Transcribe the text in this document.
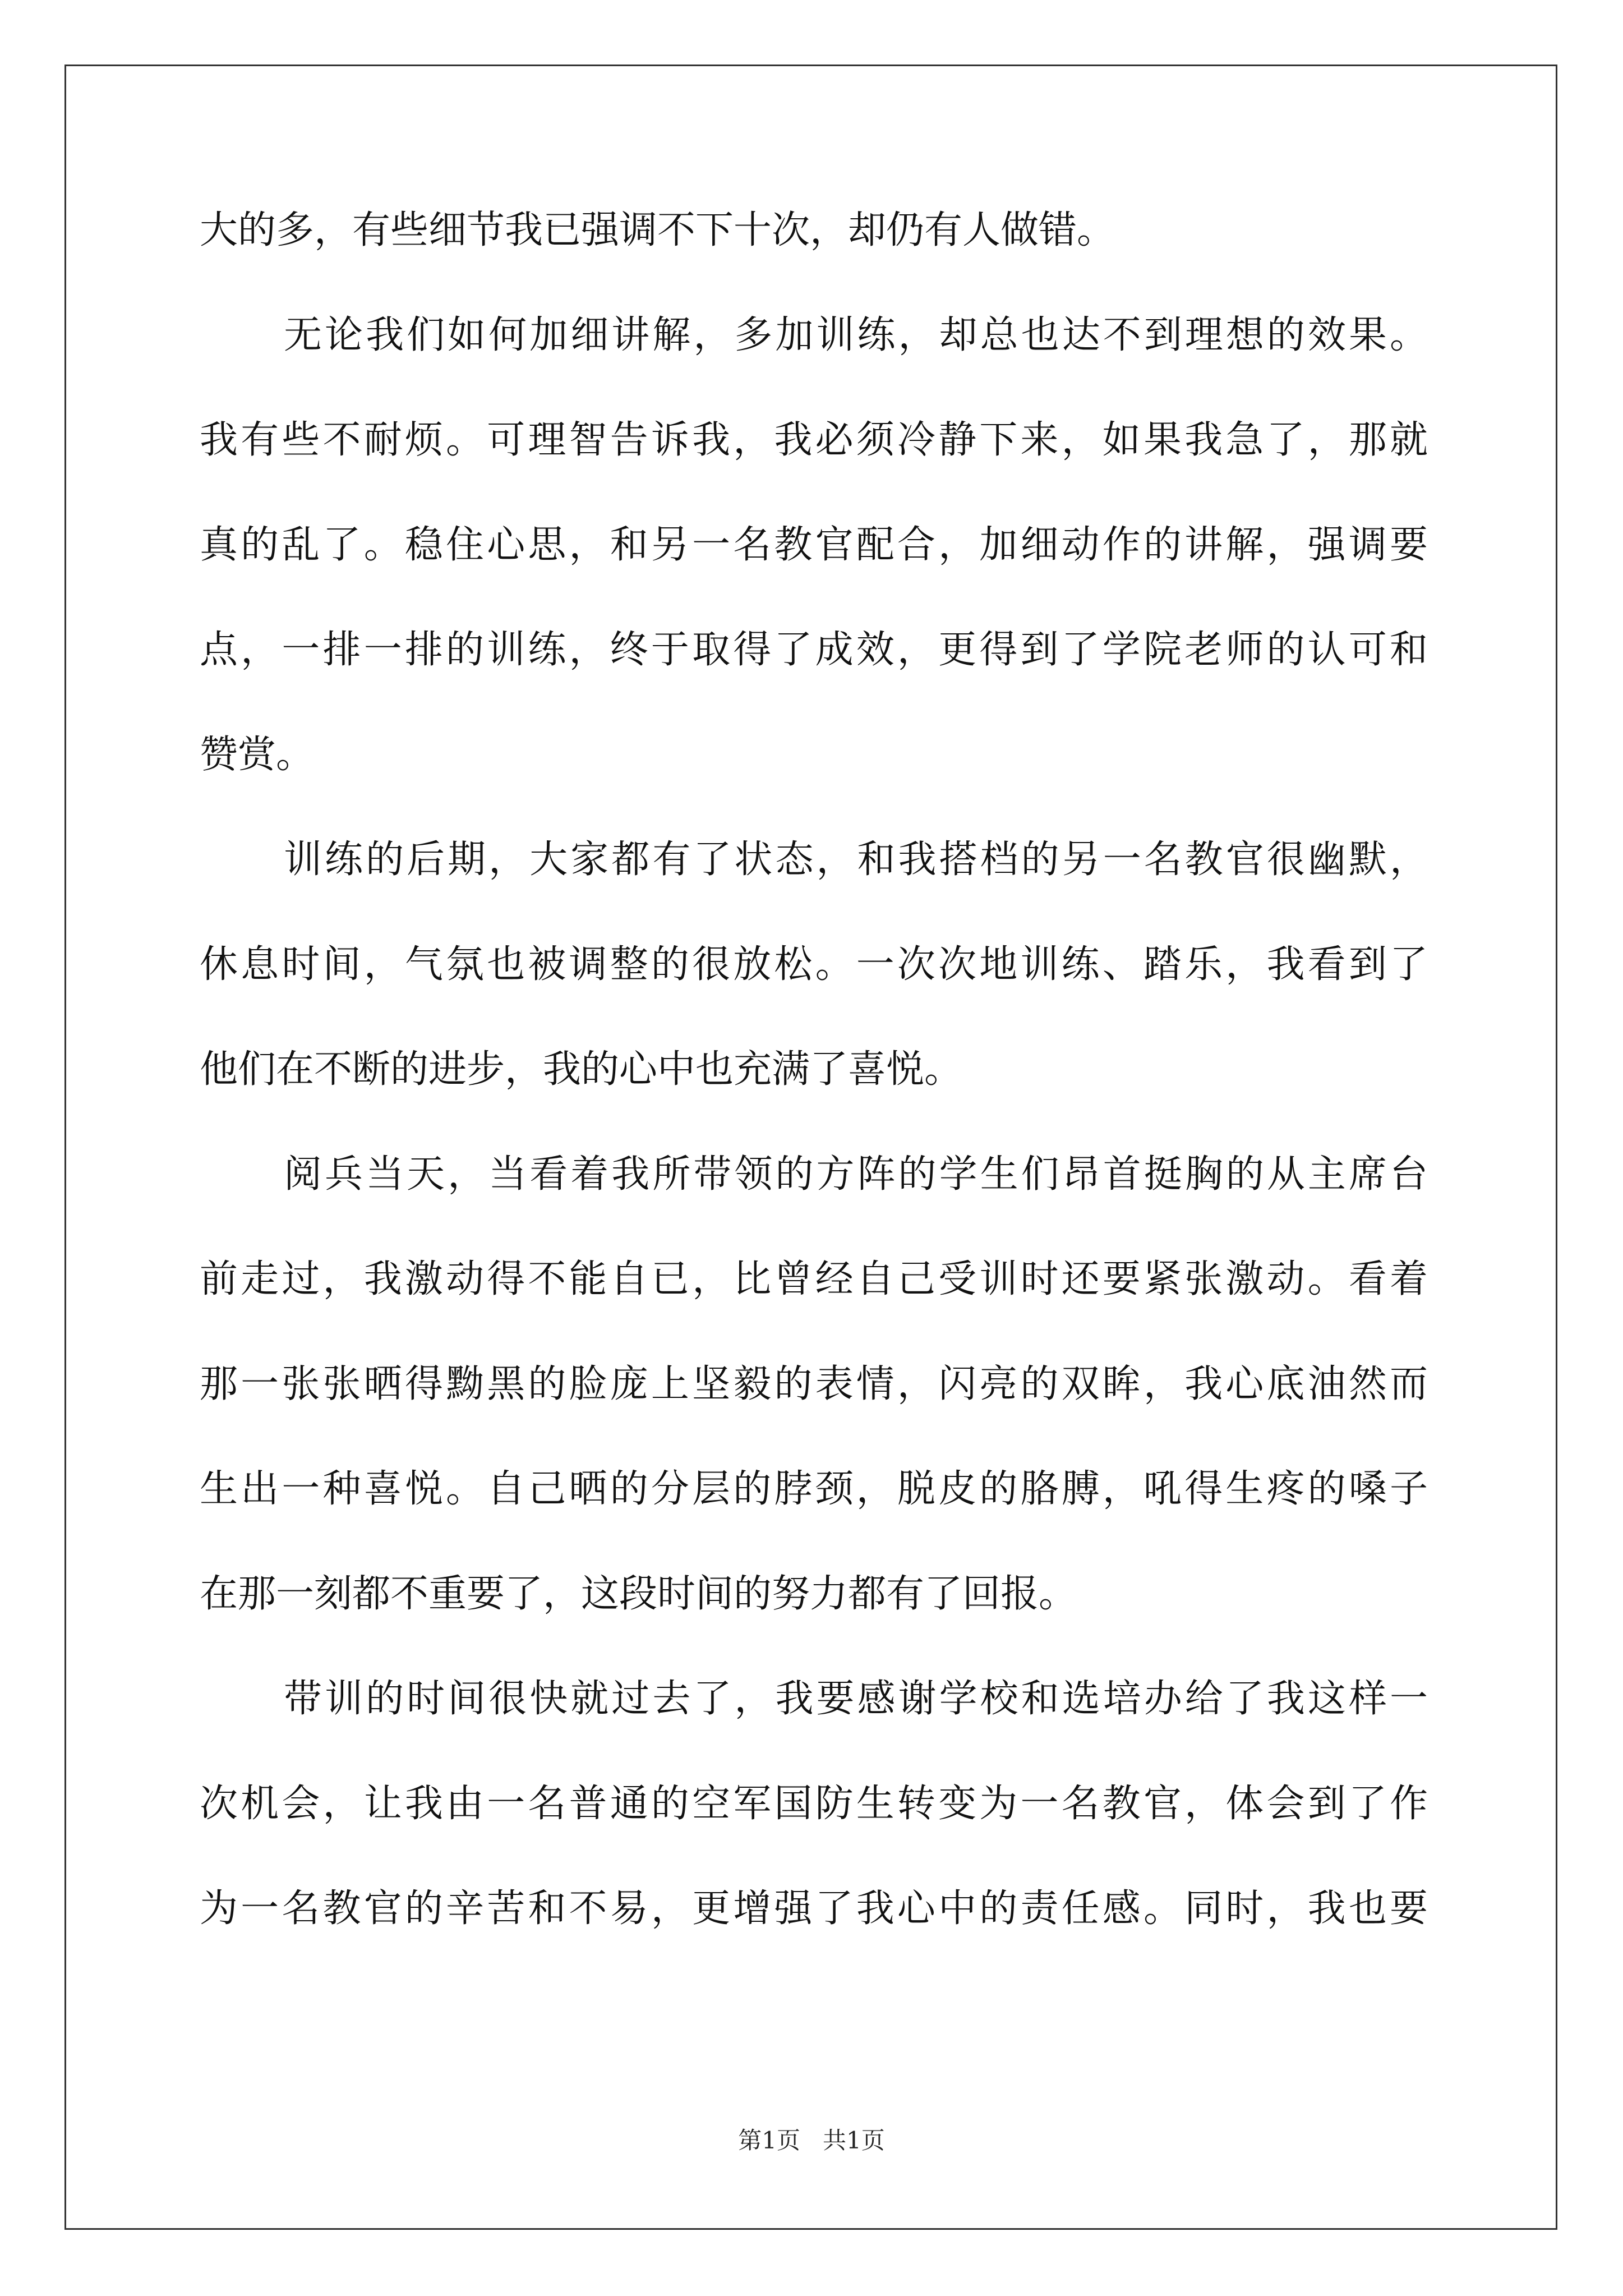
大的多，有些细节我已强调不下十次，却仍有人做错。
无论我们如何加细讲解，多加训练，却总也达不到理想的效果。
我有些不耐烦。可理智告诉我，我必须冷静下来，如果我急了，那就
真的乱了。稳住心思，和另一名教官配合，加细动作的讲解，强调要
点，一排一排的训练，终于取得了成效，更得到了学院老师的认可和
赞赏。
训练的后期，大家都有了状态，和我搭档的另一名教官很幽默，
休息时间，气氛也被调整的很放松。一次次地训练、踏乐，我看到了
他们在不断的进步，我的心中也充满了喜悦。
阅兵当天，当看着我所带领的方阵的学生们昂首挺胸的从主席台
前走过，我激动得不能自已，比曾经自己受训时还要紧张激动。看着
那一张张晒得黝黑的脸庞上坚毅的表情，闪亮的双眸，我心底油然而
生出一种喜悦。自己晒的分层的脖颈，脱皮的胳膊，吼得生疼的嗓子
在那一刻都不重要了，这段时间的努力都有了回报。
带训的时间很快就过去了，我要感谢学校和选培办给了我这样一
次机会，让我由一名普通的空军国防生转变为一名教官，体会到了作
为一名教官的辛苦和不易，更增强了我心中的责任感。同时，我也要
第1页 共1页
